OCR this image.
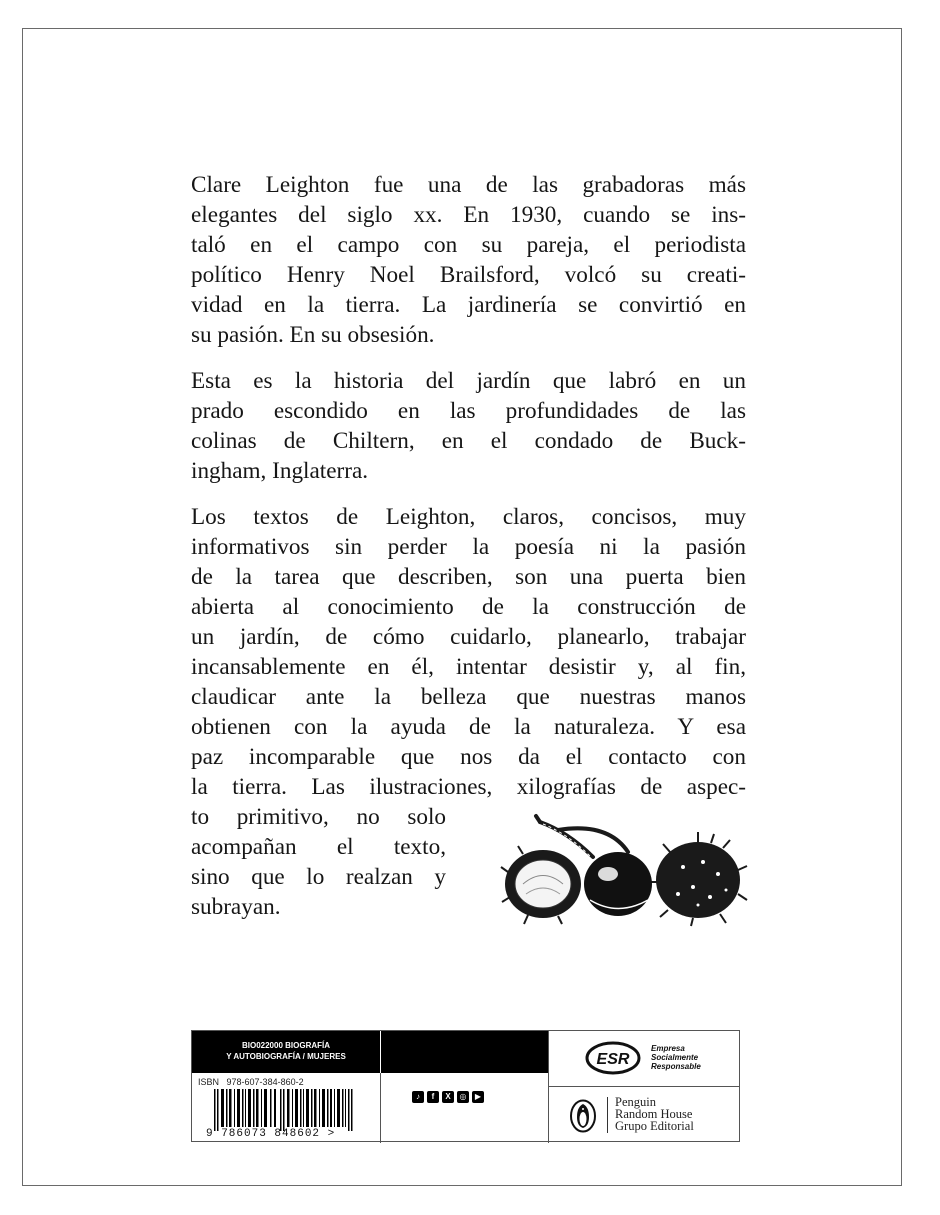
Clare Leighton fue una de las grabadoras más
elegantes del siglo xx. En 1930, cuando se ins-
taló en el campo con su pareja, el periodista
político Henry Noel Brailsford, volcó su creati-
vidad en la tierra. La jardinería se convirtió en
su pasión. En su obsesión.

Esta es la historia del jardín que labró en un
prado escondido en las profundidades de las
colinas de Chiltern, en el condado de Buck-
ingham, Inglaterra.

Los textos de Leighton, claros, concisos, muy
informativos sin perder la poesía ni la pasión
de la tarea que describen, son una puerta bien
abierta al conocimiento de la construcción de
un jardín, de cómo cuidarlo, planearlo, trabajar
incansablemente en él, intentar desistir y, al fin,
claudicar ante la belleza que nuestras manos
obtienen con la ayuda de la naturaleza. Y esa
paz incomparable que nos da el contacto con
la tierra. Las ilustraciones, xilografías de aspec-
to primitivo, no solo
acompañan el texto,
sino que lo realzan y
subrayan.

BIO022000 BIOGRAFÍA
Y AUTOBIOGRAFÍA / MUJERES	ESR
Empresa
Socialmente
Responsable
ISBN 978-607-384-860-2
9 786073 848602 >
♪	f	X	◎	▶	Penguin
Random House
Grupo Editorial
